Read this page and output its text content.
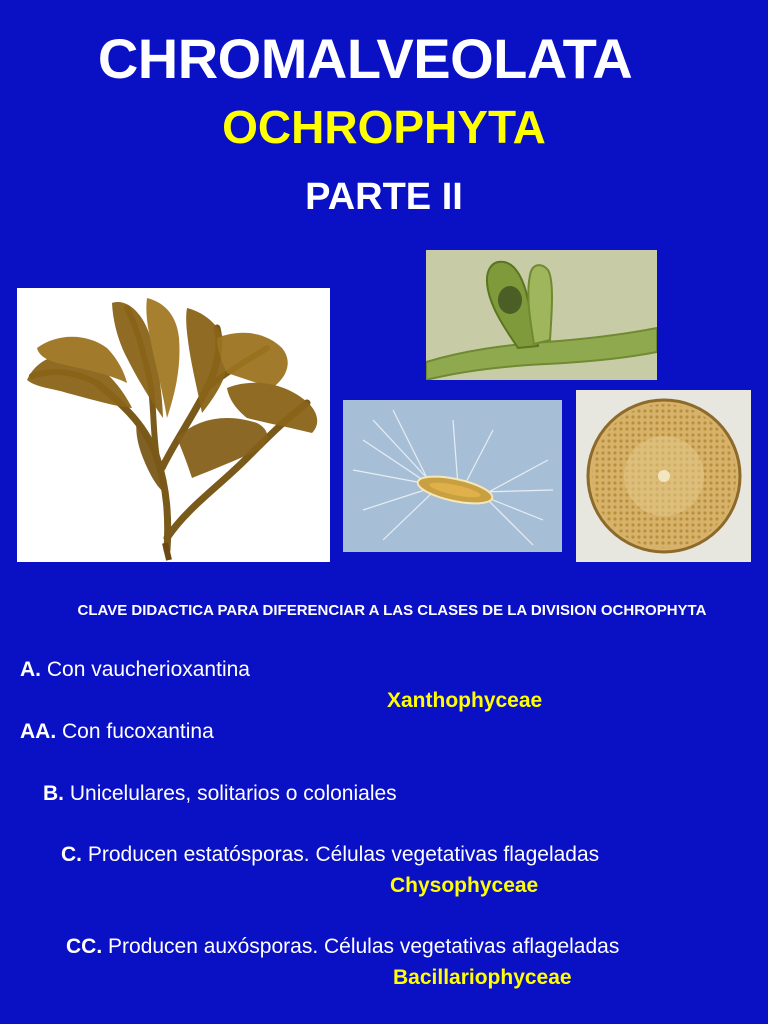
CHROMALVEOLATA
OCHROPHYTA
PARTE II
CLAVE DIDACTICA PARA DIFERENCIAR A LAS CLASES DE LA DIVISION OCHROPHYTA
A. Con vaucherioxantina
Xanthophyceae
AA. Con fucoxantina
B. Unicelulares, solitarios o coloniales
C. Producen estatósporas. Células vegetativas flageladas
Chysophyceae
CC. Producen auxósporas. Células vegetativas aflageladas
Bacillariophyceae
